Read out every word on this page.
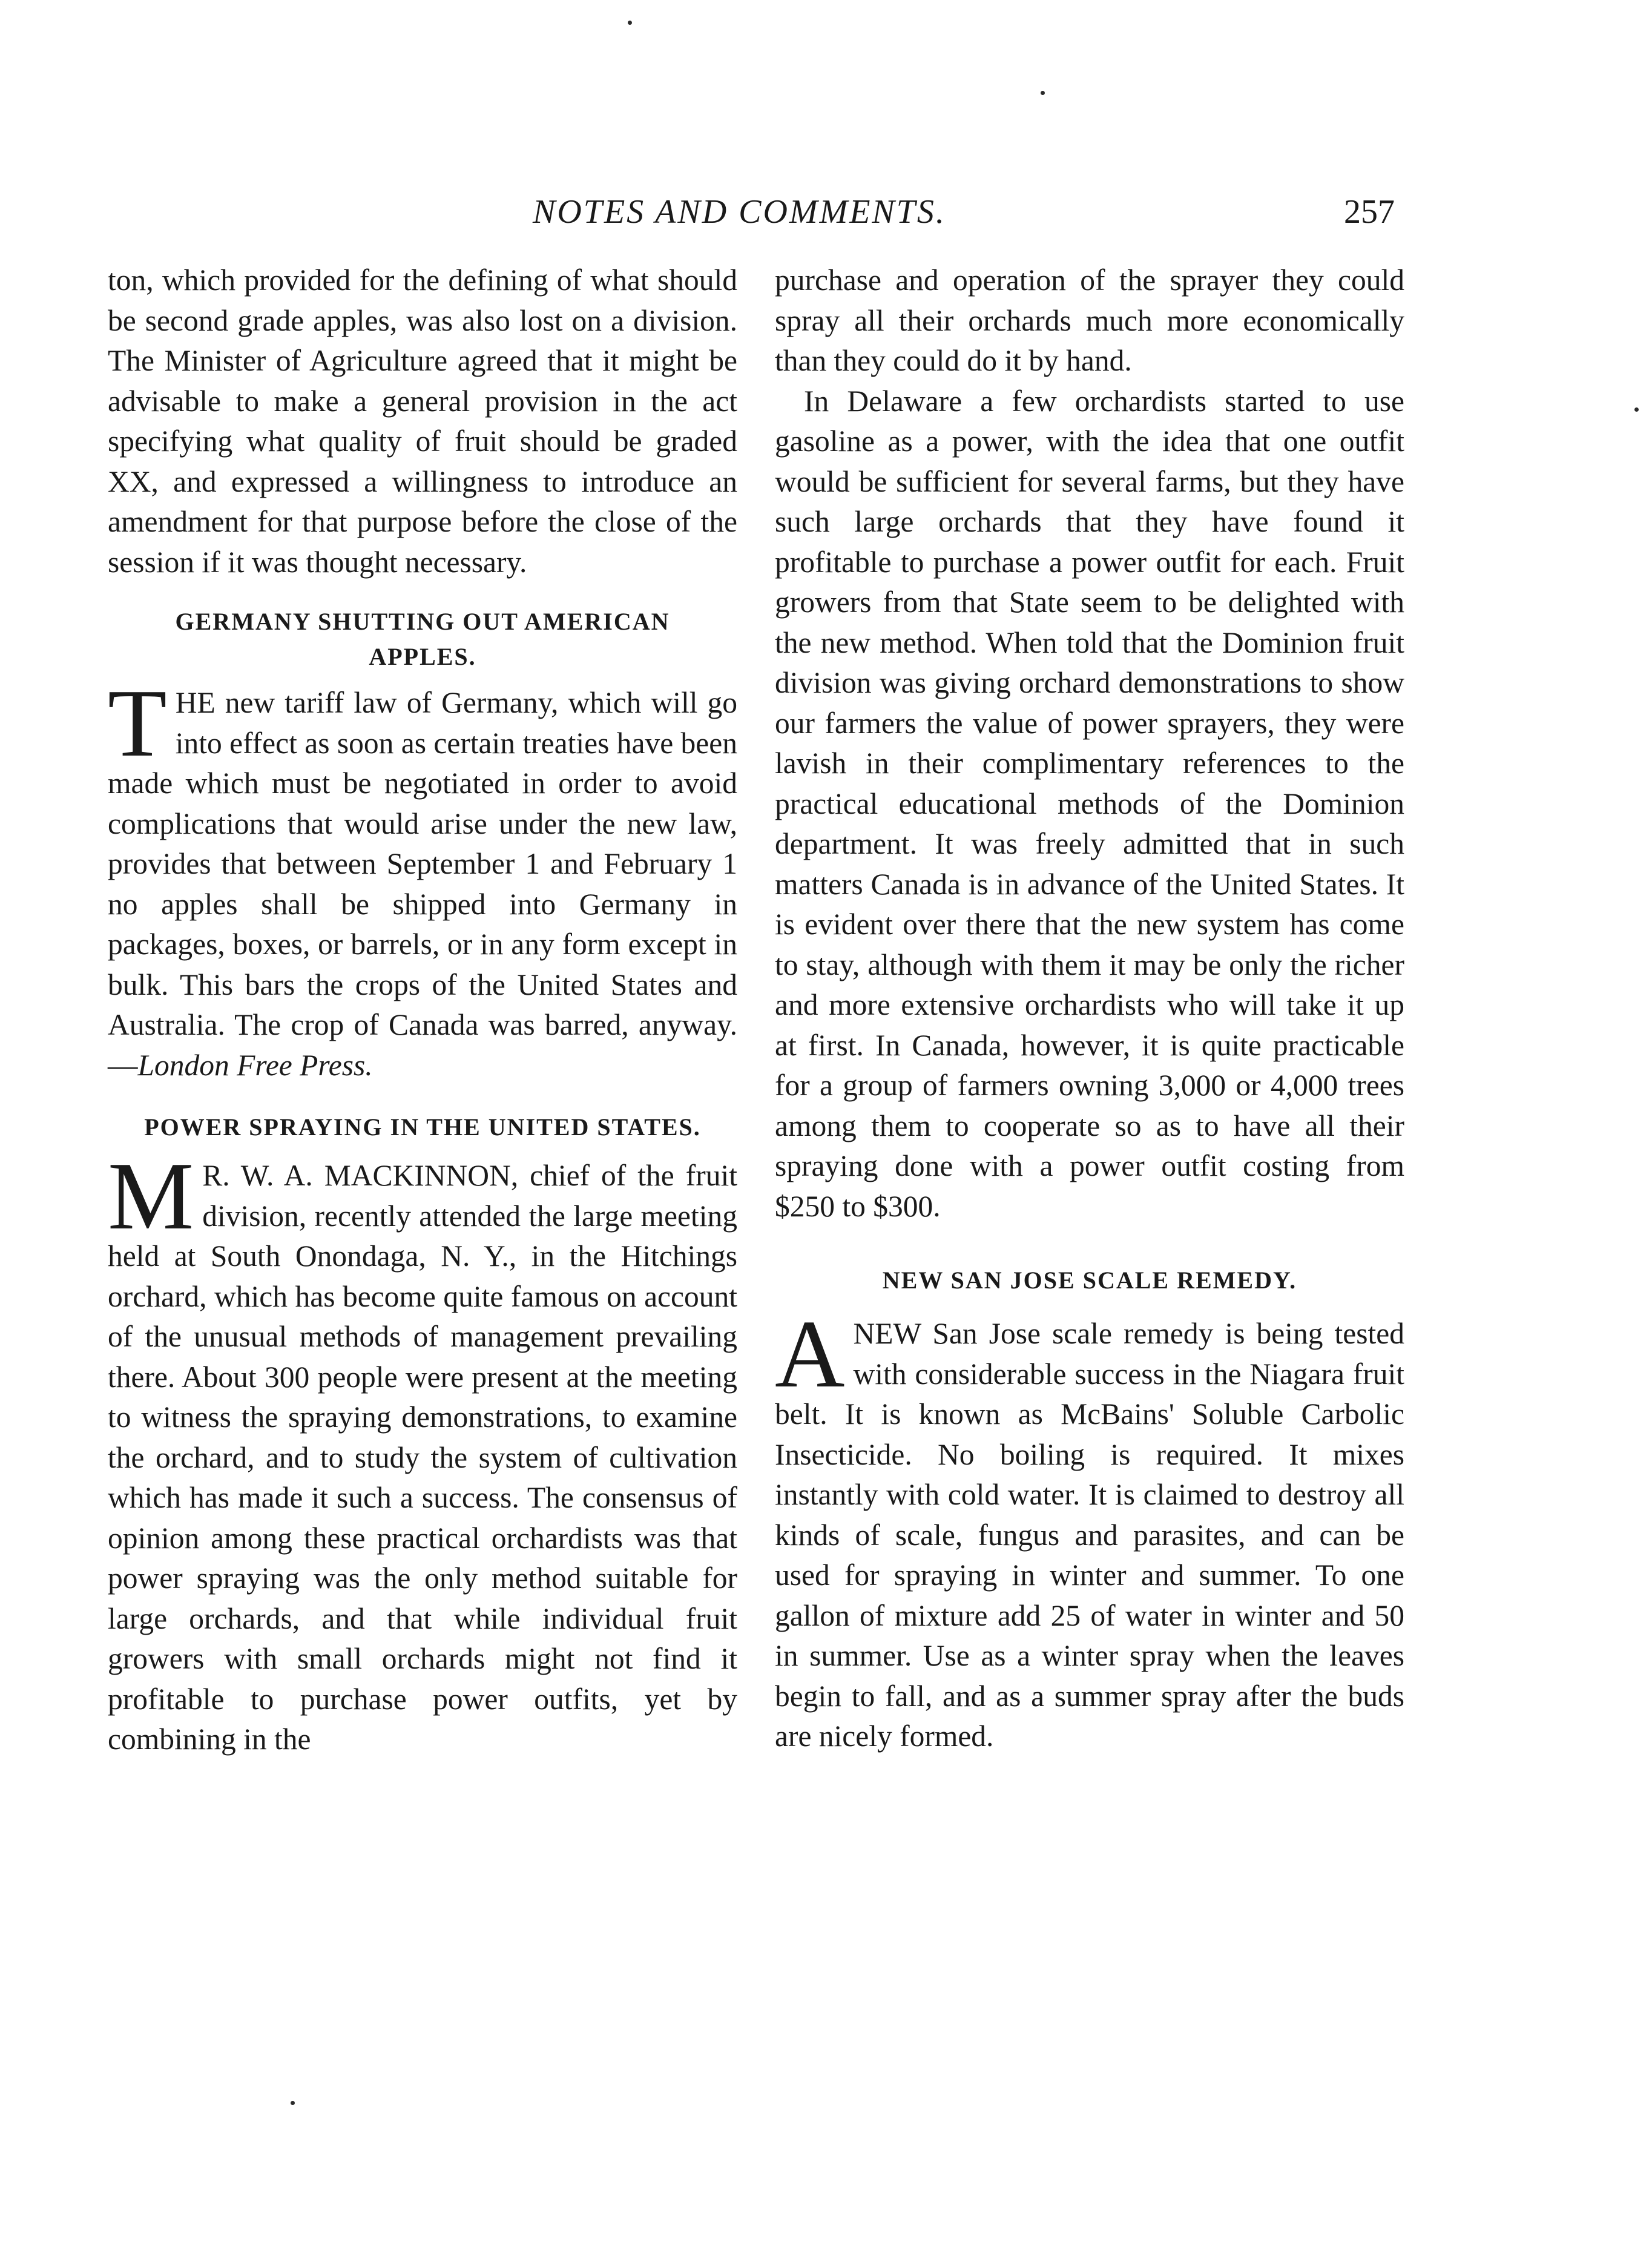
NOTES AND COMMENTS.	257

ton, which provided for the defining of what should be second grade apples, was also lost on a division. The Minister of Agriculture agreed that it might be advisable to make a general provision in the act specifying what quality of fruit should be graded XX, and expressed a willingness to introduce an amendment for that purpose before the close of the session if it was thought necessary.

GERMANY SHUTTING OUT AMERICAN APPLES.

THE new tariff law of Germany, which will go into effect as soon as certain treaties have been made which must be negotiated in order to avoid complications that would arise under the new law, provides that between September 1 and February 1 no apples shall be shipped into Germany in packages, boxes, or barrels, or in any form except in bulk. This bars the crops of the United States and Australia. The crop of Canada was barred, anyway.—London Free Press.

POWER SPRAYING IN THE UNITED STATES.

M R. W. A. MACKINNON, chief of the fruit division, recently attended the large meeting held at South Onondaga, N. Y., in the Hitchings orchard, which has become quite famous on account of the unusual methods of management prevailing there. About 300 people were present at the meeting to witness the spraying demonstrations, to examine the orchard, and to study the system of cultivation which has made it such a success. The consensus of opinion among these practical orchardists was that power spraying was the only method suitable for large orchards, and that while individual fruit growers with small orchards might not find it profitable to purchase power outfits, yet by combining in the

purchase and operation of the sprayer they could spray all their orchards much more economically than they could do it by hand.

In Delaware a few orchardists started to use gasoline as a power, with the idea that one outfit would be sufficient for several farms, but they have such large orchards that they have found it profitable to purchase a power outfit for each. Fruit growers from that State seem to be delighted with the new method. When told that the Dominion fruit division was giving orchard demonstrations to show our farmers the value of power sprayers, they were lavish in their complimentary references to the practical educational methods of the Dominion department. It was freely admitted that in such matters Canada is in advance of the United States. It is evident over there that the new system has come to stay, although with them it may be only the richer and more extensive orchardists who will take it up at first. In Canada, however, it is quite practicable for a group of farmers owning 3,000 or 4,000 trees among them to cooperate so as to have all their spraying done with a power outfit costing from $250 to $300.

NEW SAN JOSE SCALE REMEDY.

ANEW San Jose scale remedy is being tested with considerable success in the Niagara fruit belt. It is known as McBains' Soluble Carbolic Insecticide. No boiling is required. It mixes instantly with cold water. It is claimed to destroy all kinds of scale, fungus and parasites, and can be used for spraying in winter and summer. To one gallon of mixture add 25 of water in winter and 50 in summer. Use as a winter spray when the leaves begin to fall, and as a summer spray after the buds are nicely formed.
